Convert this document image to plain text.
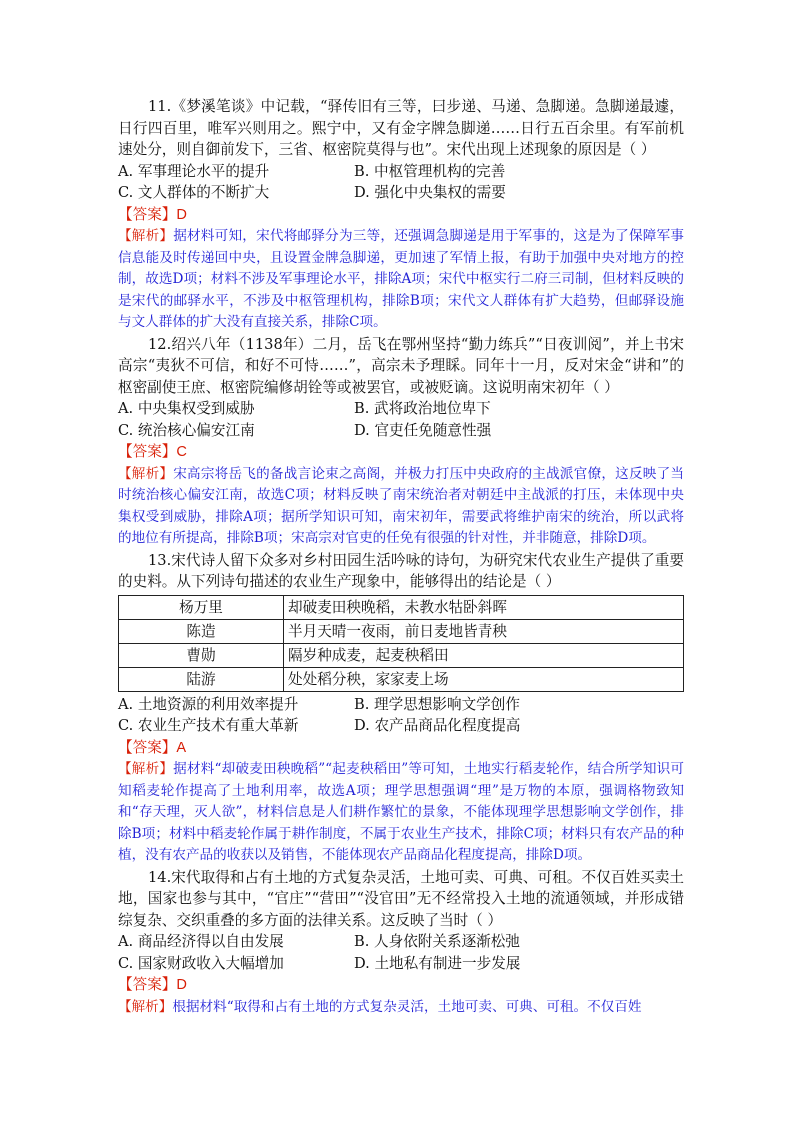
11.《梦溪笔谈》中记载，“驿传旧有三等，曰步递、马递、急脚递。急脚递最遽，日行四百里，唯军兴则用之。熙宁中，又有金字牌急脚递……日行五百余里。有军前机速处分，则自御前发下，三省、枢密院莫得与也”。宋代出现上述现象的原因是（ ）

A. 军事理论水平的提升	B. 中枢管理机构的完善
C. 文人群体的不断扩大	D. 强化中央集权的需要

【答案】D

【解析】据材料可知，宋代将邮驿分为三等，还强调急脚递是用于军事的，这是为了保障军事信息能及时传递回中央，且设置金牌急脚递，更加速了军情上报，有助于加强中央对地方的控制，故选D项；材料不涉及军事理论水平，排除A项；宋代中枢实行二府三司制，但材料反映的是宋代的邮驿水平，不涉及中枢管理机构，排除B项；宋代文人群体有扩大趋势，但邮驿设施与文人群体的扩大没有直接关系，排除C项。

12.绍兴八年（1138年）二月，岳飞在鄂州坚持“勤力练兵”“日夜训阅”，并上书宋高宗“夷狄不可信，和好不可恃……”，高宗未予理睬。同年十一月，反对宋金“讲和”的枢密副使王庶、枢密院编修胡铨等或被罢官，或被贬谪。这说明南宋初年（ ）

A. 中央集权受到威胁	B. 武将政治地位卑下
C. 统治核心偏安江南	D. 官吏任免随意性强

【答案】C

【解析】宋高宗将岳飞的备战言论束之高阁，并极力打压中央政府的主战派官僚，这反映了当时统治核心偏安江南，故选C项；材料反映了南宋统治者对朝廷中主战派的打压，未体现中央集权受到威胁，排除A项；据所学知识可知，南宋初年，需要武将维护南宋的统治，所以武将的地位有所提高，排除B项；宋高宗对官吏的任免有很强的针对性，并非随意，排除D项。

13.宋代诗人留下众多对乡村田园生活吟咏的诗句，为研究宋代农业生产提供了重要的史料。从下列诗句描述的农业生产现象中，能够得出的结论是（ ）

杨万里	却破麦田秧晚稻，未教水牯卧斜晖
陈造	半月天晴一夜雨，前日麦地皆青秧
曹勋	隔岁种成麦，起麦秧稻田
陆游	处处稻分秧，家家麦上场
A. 土地资源的利用效率提升	B. 理学思想影响文学创作
C. 农业生产技术有重大革新	D. 农产品商品化程度提高

【答案】A

【解析】据材料“却破麦田秧晚稻”“起麦秧稻田”等可知，土地实行稻麦轮作，结合所学知识可知稻麦轮作提高了土地利用率，故选A项；理学思想强调“理”是万物的本原，强调格物致知和“存天理，灭人欲”，材料信息是人们耕作繁忙的景象，不能体现理学思想影响文学创作，排除B项；材料中稻麦轮作属于耕作制度，不属于农业生产技术，排除C项；材料只有农产品的种植，没有农产品的收获以及销售，不能体现农产品商品化程度提高，排除D项。

14.宋代取得和占有土地的方式复杂灵活，土地可卖、可典、可租。不仅百姓买卖土地，国家也参与其中，“官庄”“营田”“没官田”无不经常投入土地的流通领域，并形成错综复杂、交织重叠的多方面的法律关系。这反映了当时（ ）

A. 商品经济得以自由发展	B. 人身依附关系逐渐松弛
C. 国家财政收入大幅增加	D. 土地私有制进一步发展

【答案】D

【解析】根据材料“取得和占有土地的方式复杂灵活，土地可卖、可典、可租。不仅百姓
